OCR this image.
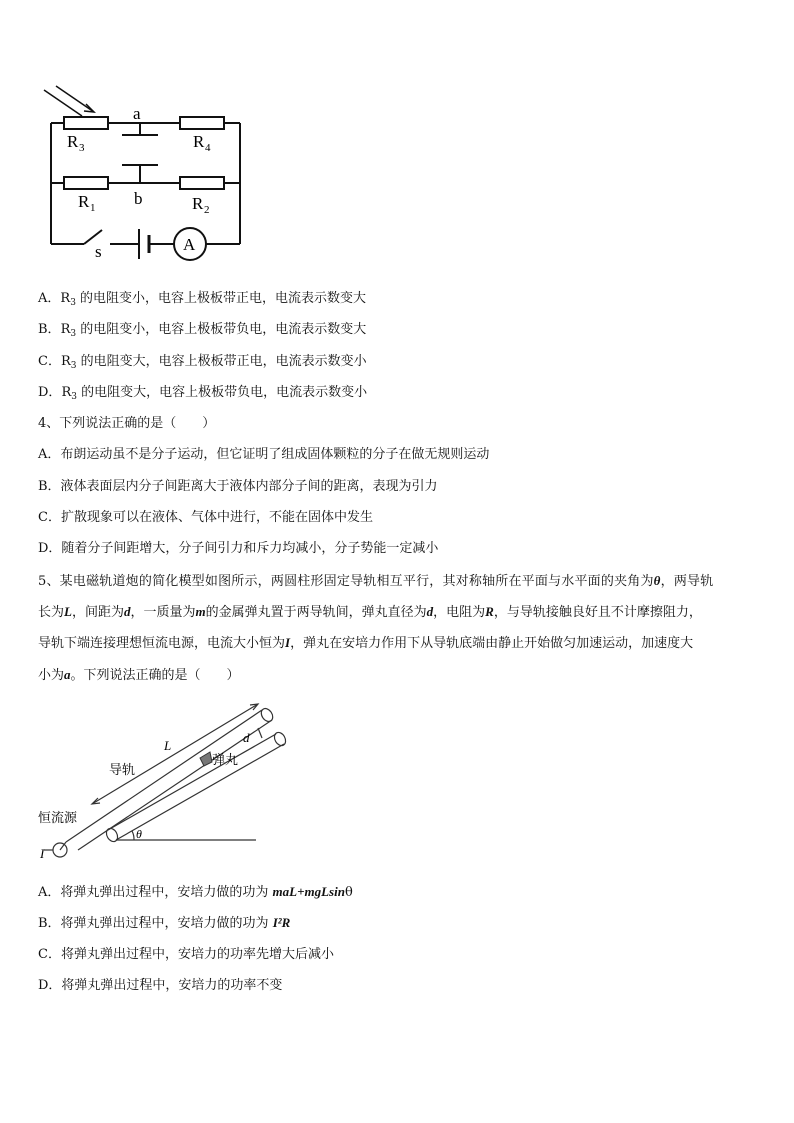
R 3	R 4
R 1	R 2
a
b
s	A
A．$R_3$ 的电阻变小，电容上极板带正电，电流表示数变大
B．$R_3$ 的电阻变小，电容上极板带负电，电流表示数变大
C．$R_3$ 的电阻变大，电容上极板带正电，电流表示数变小
D．$R_3$ 的电阻变大，电容上极板带负电，电流表示数变小
4、下列说法正确的是（　　）
A．布朗运动虽不是分子运动，但它证明了组成固体颗粒的分子在做无规则运动
B．液体表面层内分子间距离大于液体内部分子间的距离，表现为引力
C．扩散现象可以在液体、气体中进行，不能在固体中发生
D．随着分子间距增大，分子间引力和斥力均减小，分子势能一定减小
5、某电磁轨道炮的简化模型如图所示，两圆柱形固定导轨相互平行，其对称轴所在平面与水平面的夹角为θ，两导轨
长为L，间距为d，一质量为m的金属弹丸置于两导轨间，弹丸直径为d，电阻为R，与导轨接触良好且不计摩擦阻力，
导轨下端连接理想恒流电源，电流大小恒为I，弹丸在安培力作用下从导轨底端由静止开始做匀加速运动，加速度大
小为a。下列说法正确的是（　　）
L
d
导轨
弹丸
恒流源
θ
I
A．将弹丸弹出过程中，安培力做的功为 maL+mgLsinθ
B．将弹丸弹出过程中，安培力做的功为 I²R
C．将弹丸弹出过程中，安培力的功率先增大后减小
D．将弹丸弹出过程中，安培力的功率不变
